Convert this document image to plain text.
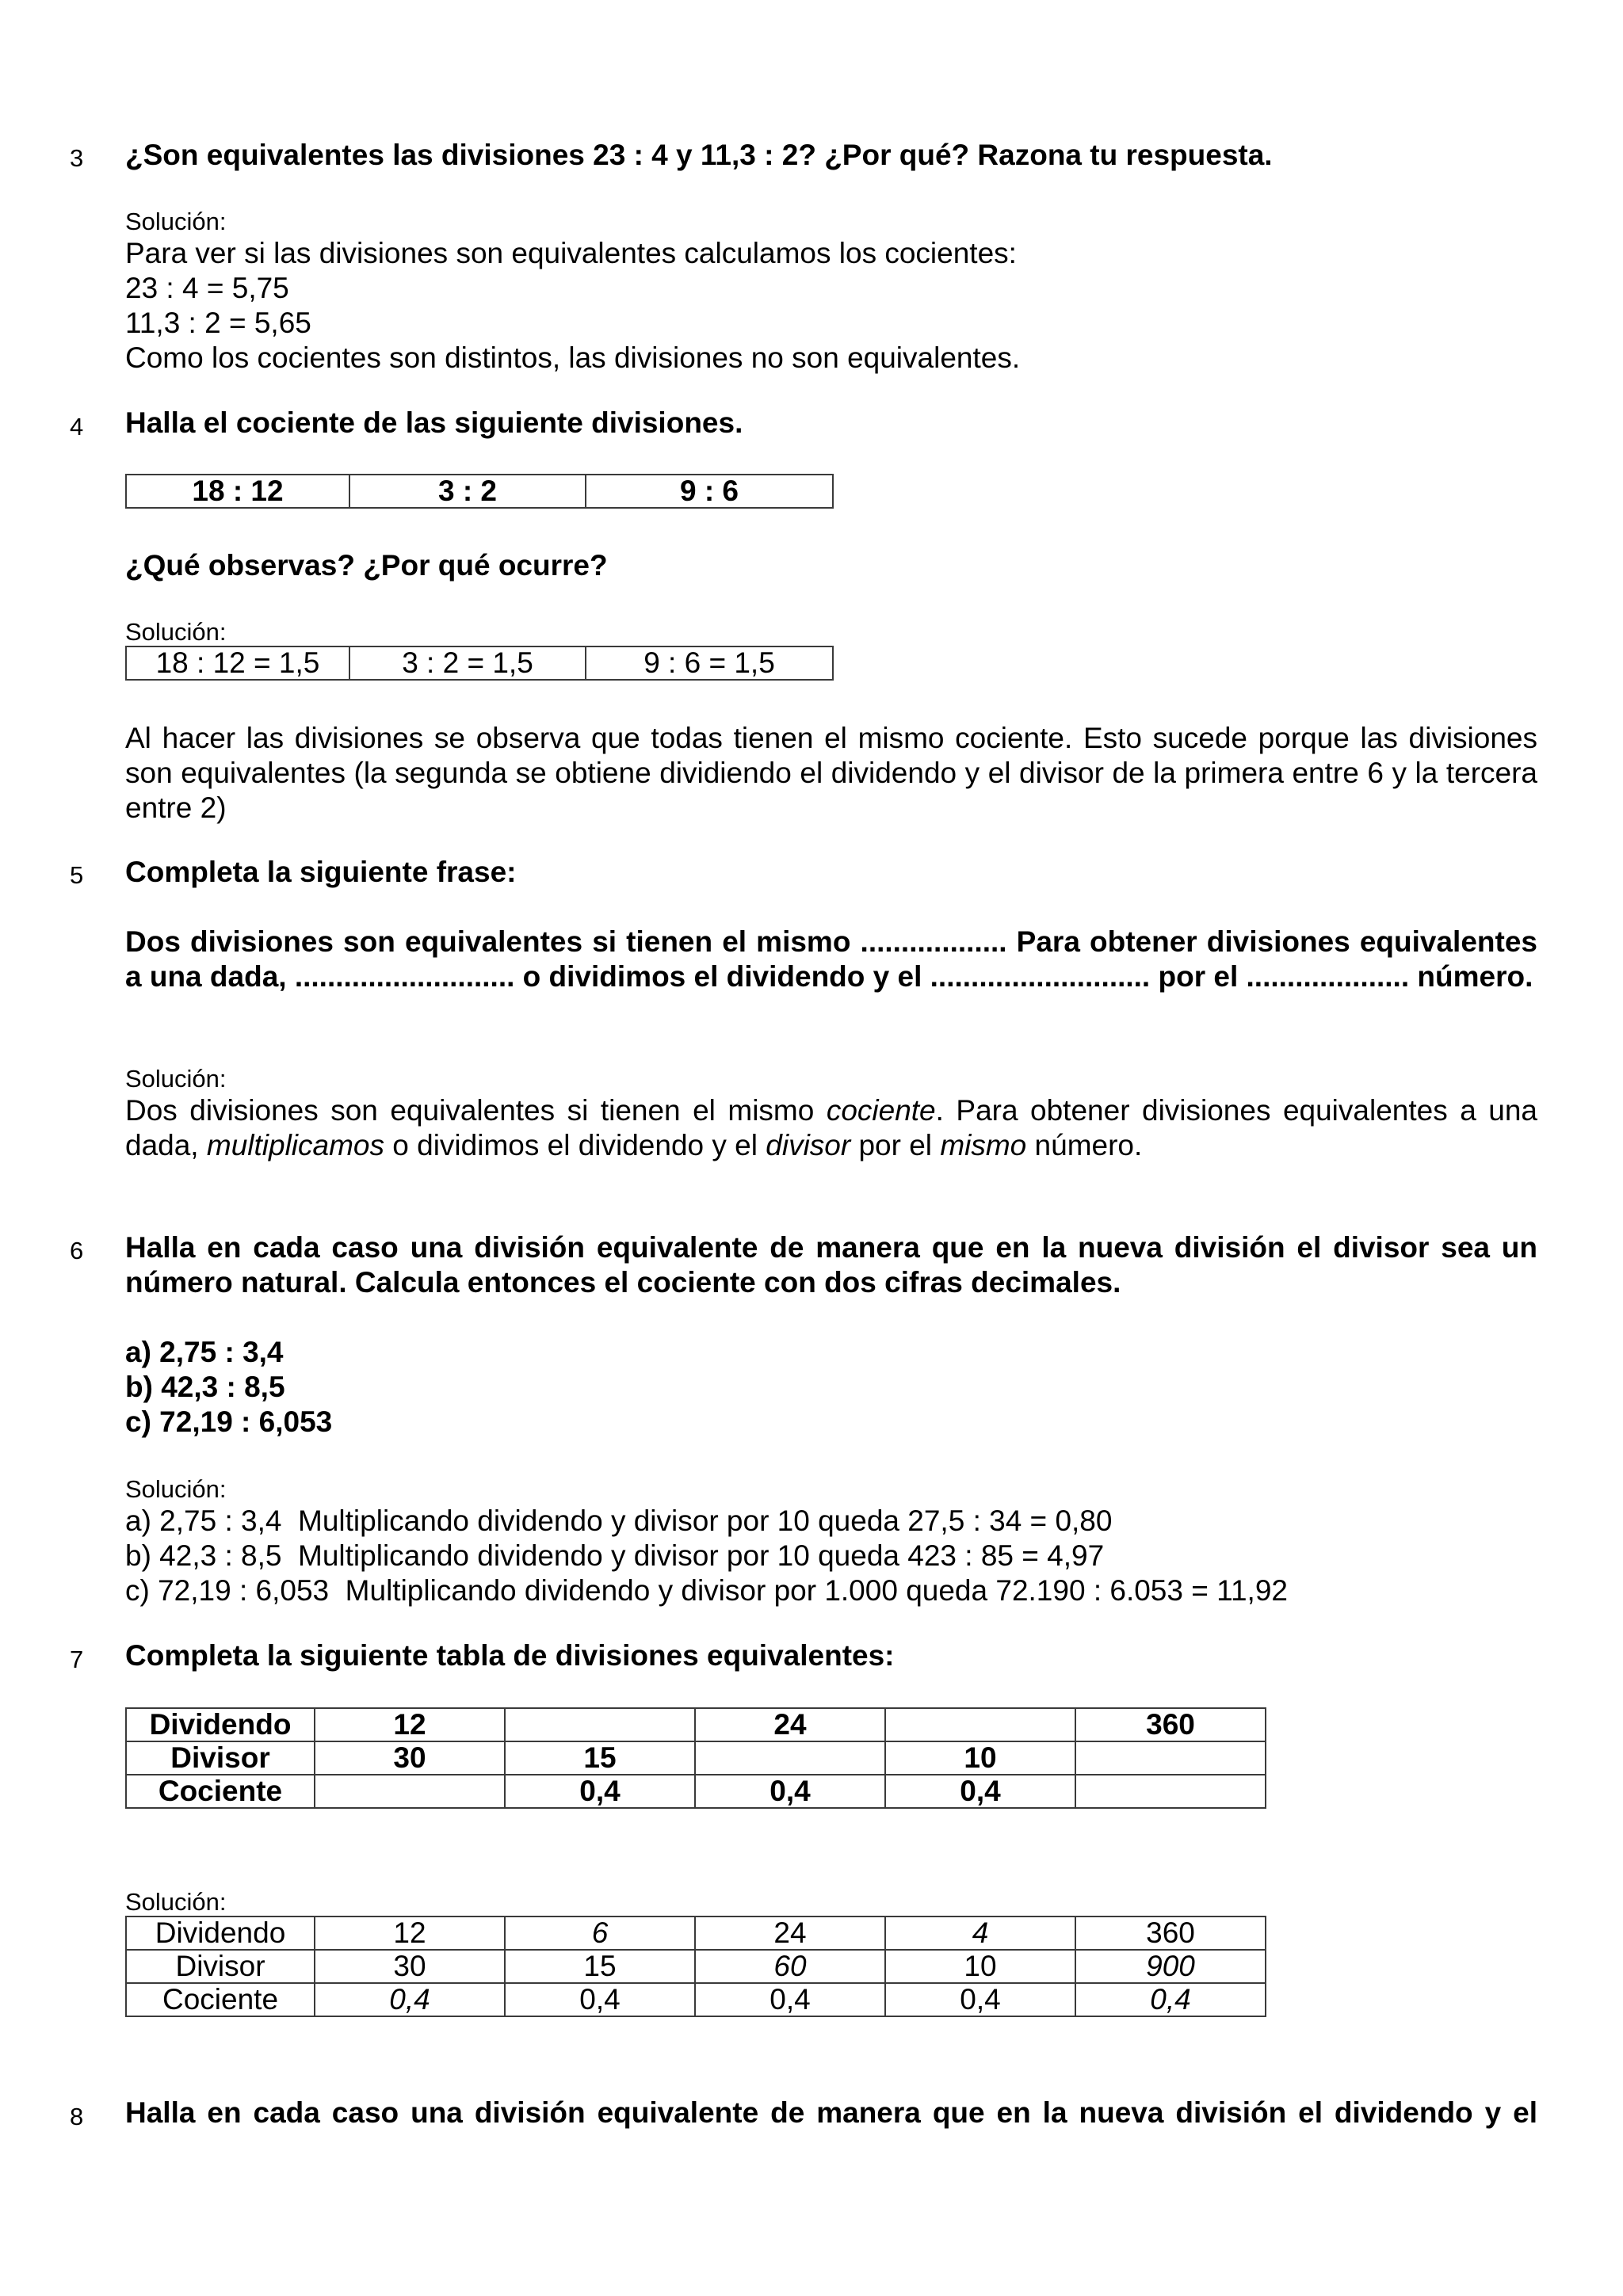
3 ¿Son equivalentes las divisiones 23 : 4 y 11,3 : 2? ¿Por qué? Razona tu respuesta.
Solución:
Para ver si las divisiones son equivalentes calculamos los cocientes:
23 : 4 = 5,75
11,3 : 2 = 5,65
Como los cocientes son distintos, las divisiones no son equivalentes.
4 Halla el cociente de las siguiente divisiones.
18 : 12	3 : 2	9 : 6
¿Qué observas? ¿Por qué ocurre?
Solución:
18 : 12 = 1,5	3 : 2 = 1,5	9 : 6 = 1,5
Al hacer las divisiones se observa que todas tienen el mismo cociente. Esto sucede porque las divisiones son equivalentes (la segunda se obtiene dividiendo el dividendo y el divisor de la primera entre 6 y la tercera entre 2)
5 Completa la siguiente frase:
Dos divisiones son equivalentes si tienen el mismo .................. Para obtener divisiones equivalentes a una dada, ........................... o dividimos el dividendo y el ........................... por el .................... número.
Solución:
Dos divisiones son equivalentes si tienen el mismo cociente. Para obtener divisiones equivalentes a una dada, multiplicamos o dividimos el dividendo y el divisor por el mismo número.
6 Halla en cada caso una división equivalente de manera que en la nueva división el divisor sea un número natural. Calcula entonces el cociente con dos cifras decimales.
a) 2,75 : 3,4
b) 42,3 : 8,5
c) 72,19 : 6,053
Solución:
a) 2,75 : 3,4  Multiplicando dividendo y divisor por 10 queda 27,5 : 34 = 0,80
b) 42,3 : 8,5  Multiplicando dividendo y divisor por 10 queda 423 : 85 = 4,97
c) 72,19 : 6,053  Multiplicando dividendo y divisor por 1.000 queda 72.190 : 6.053 = 11,92
7 Completa la siguiente tabla de divisiones equivalentes:
Dividendo	12		24		360
Divisor	30	15		10	
Cociente		0,4	0,4	0,4	
Solución:
Dividendo	12	6	24	4	360
Divisor	30	15	60	10	900
Cociente	0,4	0,4	0,4	0,4	0,4
8 Halla en cada caso una división equivalente de manera que en la nueva división el dividendo y el
